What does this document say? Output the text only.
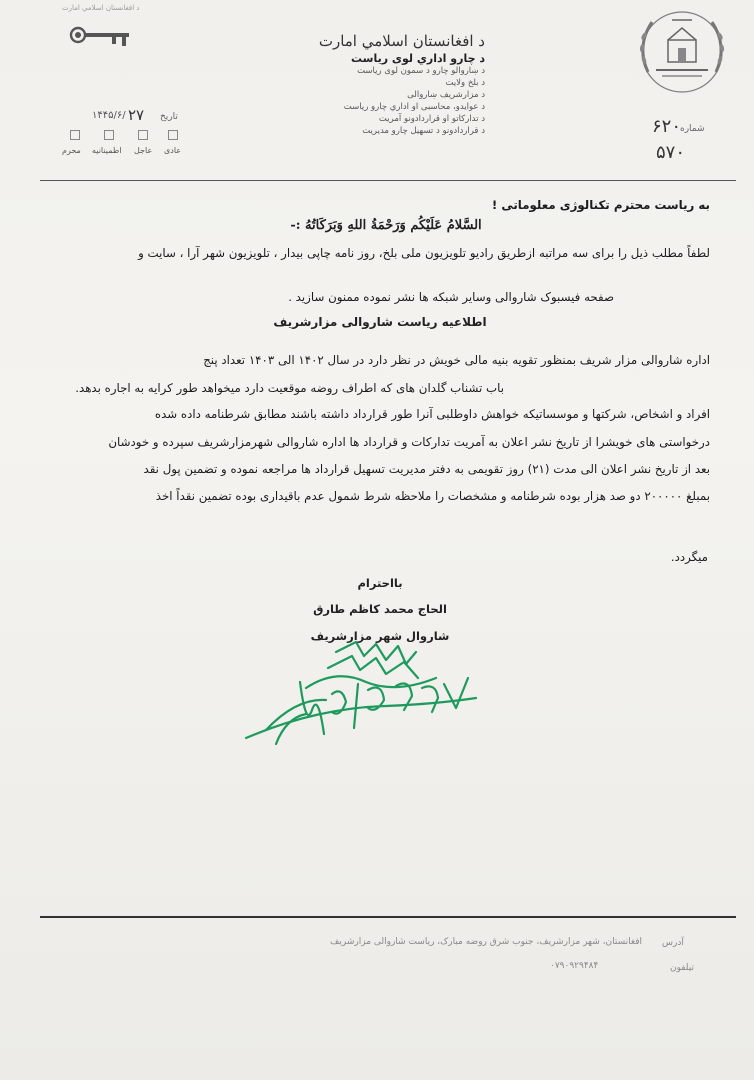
د افغانستان اسلامي امارت
د افغانستان اسلامي امارت
د چارو اداري لوی ریاست
د ښاروالو چارو د سمون لوی ریاست
د بلخ ولایت
د مزارشریف ښاروالی
د عوایدو، محاسبی او اداري چارو ریاست
د تدارکاتو او قراردادونو آمریت
د قراردادونو د تسهیل چارو مدیریت	شماره
۶۲۰
۵۷۰
تاریخ
۲۷
۱۴۴۵/۶/
عادی
عاجل
اطمینانیه
محرم
به ریاست محترم تکنالوژی معلوماتی !
السَّلامُ عَلَيْكُم وَرَحْمَةُ اللهِ وَبَرَكَاتُهُ :-
لطفاً مطلب ذیل را برای سه مراتبه ازطریق رادیو تلویزیون ملی بلخ، روز نامه چاپی بیدار ، تلویزیون شهر آرا ، سایت و
صفحه فیسبوک شاروالی وسایر شبکه ها نشر نموده ممنون سازید .
اطلاعیه ریاست شاروالی مزارشریف
اداره شاروالی مزار شریف بمنظور تقویه بنیه مالی خویش در نظر دارد در سال ۱۴۰۲ الی ۱۴۰۳ تعداد پنج
باب تشناب گلدان های که اطراف روضه موقعیت دارد میخواهد طور کرایه به اجاره بدهد.
افراد و اشخاص، شرکتها و موسساتیکه خواهش داوطلبی آنرا طور قرارداد داشته باشند مطابق شرطنامه داده شده
درخواستی های خویشرا از تاریخ نشر اعلان به آمریت تدارکات و قرارداد ها اداره شاروالی شهرمزارشریف سپرده و خودشان
بعد از تاریخ نشر اعلان الی مدت (۲۱) روز تقویمی به دفتر مدیریت تسهیل قرارداد ها مراجعه نموده و تضمین پول نقد
بمبلغ ۲۰۰۰۰۰ دو صد هزار بوده شرطنامه و مشخصات را ملاحظه شرط شمول عدم باقیداری بوده تضمین نقداً اخذ
میگردد.
بااحترام
الحاج محمد کاظم طارق
شاروال شهر مزارشریف
آدرس
افغانستان، شهر مزارشریف، جنوب شرق روضه مبارک، ریاست شاروالی مزارشریف
تیلفون
۰۷۹۰۹۲۹۴۸۴
